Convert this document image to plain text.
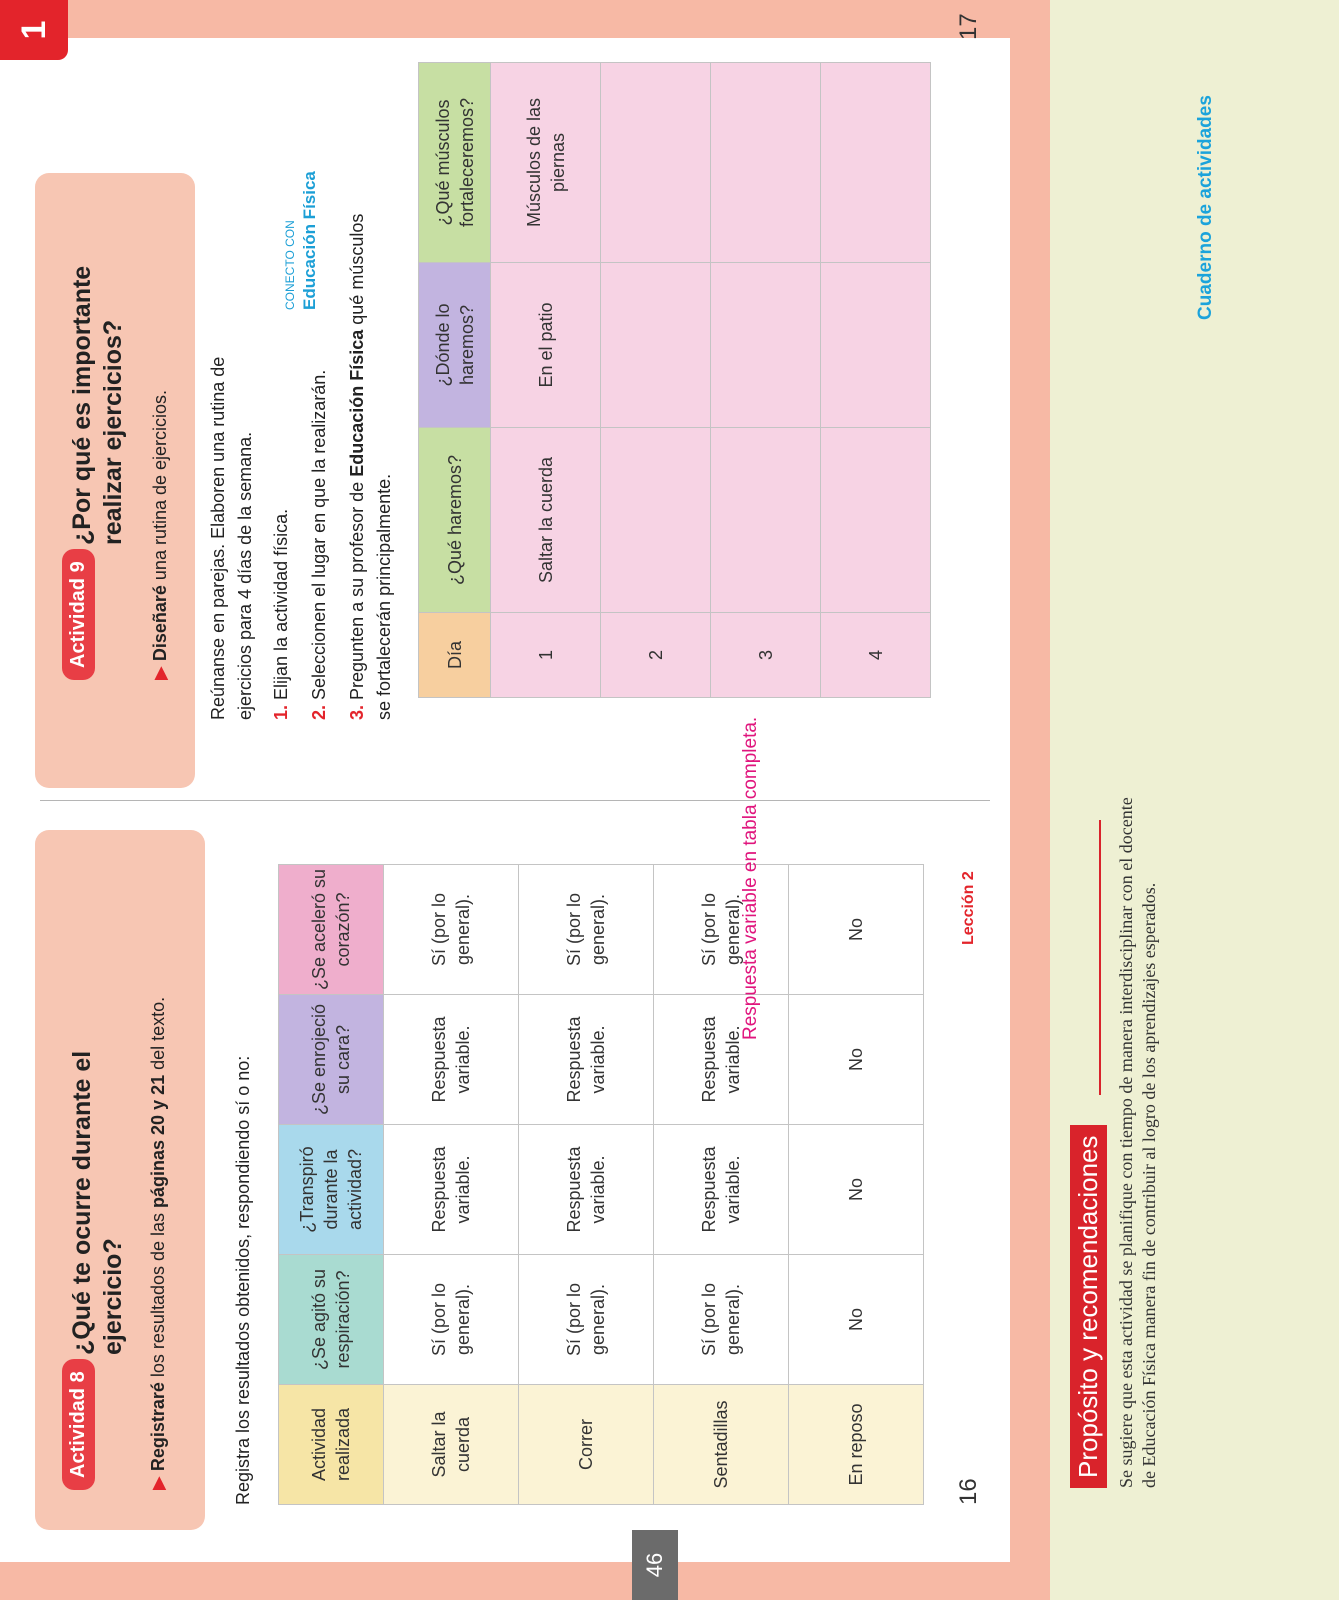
1
Actividad 8
¿Qué te ocurre durante el ejercicio?
▶ Registraré los resultados de las páginas 20 y 21 del texto.
Registra los resultados obtenidos, respondiendo sí o no:	Actividad realizada	¿Se agitó su respiración?	¿Transpiró durante la actividad?	¿Se enrojeció su cara?	¿Se aceleró su corazón?
Saltar la cuerda	Sí (por lo general).	Respuesta variable.	Respuesta variable.	Sí (por lo general).
Correr	Sí (por lo general).	Respuesta variable.	Respuesta variable.	Sí (por lo general).
Sentadillas	Sí (por lo general).	Respuesta variable.	Respuesta variable.	Sí (por lo general).
En reposo	No	No	No	No
16
Lección 2
Actividad 9
¿Por qué es importante realizar ejercicios?
▶ Diseñaré una rutina de ejercicios. Reúnanse en parejas. Elaboren una rutina de ejercicios para 4 días de la semana. 1. Elijan la actividad física.
2. Seleccionen el lugar en que la realizarán.
3. Pregunten a su profesor de Educación Física qué músculos se fortalecerán principalmente.
CONECTO CON Educación Física
Día	¿Qué haremos?	¿Dónde lo haremos?	¿Qué músculos fortaleceremos?
1	Saltar la cuerda	En el patio	Músculos de las piernas
2			
3			
4			
Respuesta variable en tabla completa.
17
46
Propósito y recomendaciones Se sugiere que esta actividad se planifique con tiempo de manera interdisciplinar con el docente de Educación Física manera fin de contribuir al logro de los aprendizajes esperados.
Cuaderno de actividades
